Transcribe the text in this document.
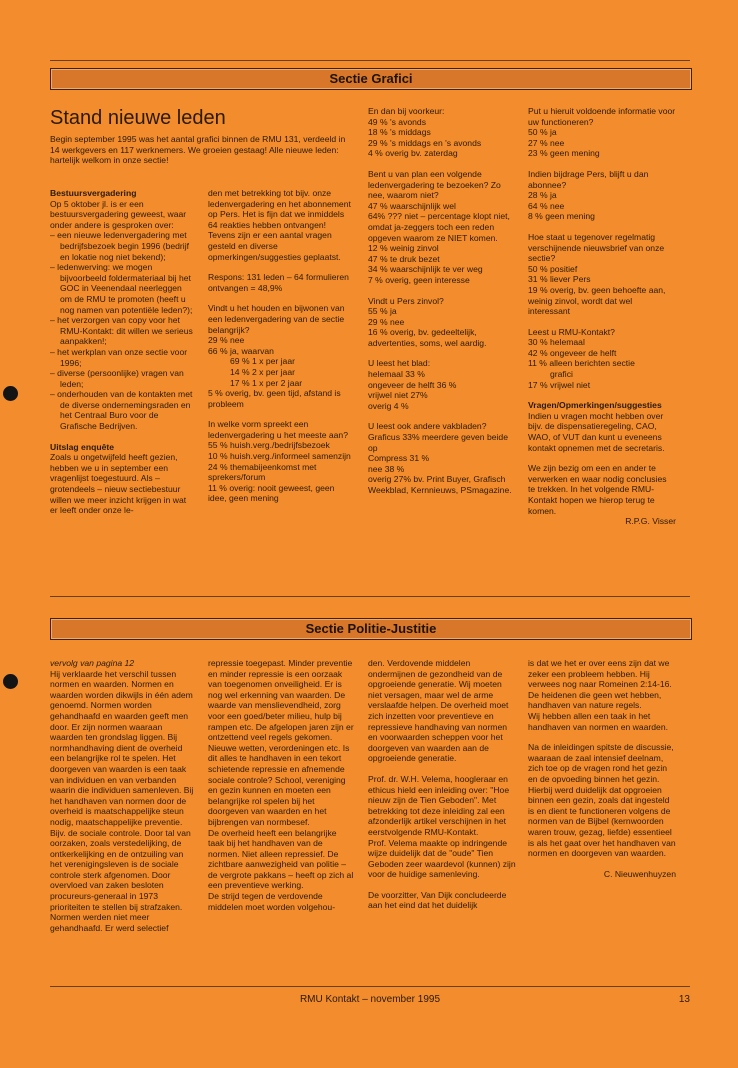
Sectie Grafici
Stand nieuwe leden
Begin september 1995 was het aantal grafici binnen de RMU 131, verdeeld in 14 werkgevers en 117 werknemers. We groeien gestaag! Alle nieuwe leden: hartelijk welkom in onze sectie!
Bestuursvergadering

Op 5 oktober jl. is er een bestuursvergadering geweest, waar onder andere is gesproken over:

– een nieuwe ledenvergadering met bedrijfsbezoek begin 1996 (bedrijf en lokatie nog niet bekend);
– ledenwerving: we mogen bijvoorbeeld foldermateriaal bij het GOC in Veenendaal neerleggen om de RMU te promoten (heeft u nog namen van potentiële leden?);
– het verzorgen van copy voor het RMU-Kontakt: dit willen we serieus aanpakken!;
– het werkplan van onze sectie voor 1996;
– diverse (persoonlijke) vragen van leden;
– onderhouden van de kontakten met de diverse ondernemingsraden en het Centraal Buro voor de Grafische Bedrijven.
Uitslag enquête

Zoals u ongetwijfeld heeft gezien, hebben we u in september een vragenlijst toegestuurd. Als – grotendeels – nieuw sectiebestuur willen we meer inzicht krijgen in wat er leeft onder onze le-

den met betrekking tot bijv. onze ledenvergadering en het abonnement op Pers. Het is fijn dat we inmiddels 64 reakties hebben ontvangen! Tevens zijn er een aantal vragen gesteld en diverse opmerkingen/suggesties geplaatst.

Respons: 131 leden – 64 formulieren ontvangen = 48,9%

Vindt u het houden en bijwonen van een ledenvergadering van de sectie belangrijk?

29 % nee
66 % ja, waarvan
69 % 1 x per jaar
14 % 2 x per jaar
17 % 1 x per 2 jaar

5 % overig, bv. geen tijd, afstand is probleem

In welke vorm spreekt een ledenvergadering u het meeste aan?

55 % huish.verg./bedrijfsbezoek
10 % huish.verg./informeel samenzijn
24 % themabijeenkomst met sprekers/forum
11 % overig: nooit geweest, geen idee, geen mening

En dan bij voorkeur:

49 % 's avonds
18 % 's middags
29 % 's middags en 's avonds
4 % overig bv. zaterdag

Bent u van plan een volgende ledenvergadering te bezoeken? Zo nee, waarom niet?

47 % waarschijnlijk wel
64% ??? niet – percentage klopt niet, omdat ja-zeggers toch een reden opgeven waarom ze NIET komen.
12 % weinig zinvol
47 % te druk bezet
34 % waarschijnlijk te ver weg
7 % overig, geen interesse

Vindt u Pers zinvol?

55 % ja
29 % nee
16 % overig, bv. gedeeltelijk, advertenties, soms, wel aardig.

U leest het blad:

helemaal 33 %
ongeveer de helft 36 %
vrijwel niet 27%
overig 4 %

U leest ook andere vakbladen?

Graficus 33% meerdere geven beide op
Compress 31 %
nee 38 %
overig 27% bv. Print Buyer, Grafisch Weekblad, Kernnieuws, PSmagazine.

Put u hieruit voldoende informatie voor uw functioneren?

50 % ja
27 % nee
23 % geen mening

Indien bijdrage Pers, blijft u dan abonnee?

28 % ja
64 % nee
8 % geen mening

Hoe staat u tegenover regelmatig verschijnende nieuwsbrief van onze sectie?

50 % positief
31 % liever Pers
19 % overig, bv. geen behoefte aan, weinig zinvol, wordt dat wel interessant

Leest u RMU-Kontakt?

30 % helemaal
42 % ongeveer de helft
11 % alleen berichten sectie
grafici
17 % vrijwel niet
Vragen/Opmerkingen/suggesties

Indien u vragen mocht hebben over bijv. de dispensatieregeling, CAO, WAO, of VUT dan kunt u eveneens kontakt opnemen met de secretaris.

We zijn bezig om een en ander te verwerken en waar nodig conclusies te trekken. In het volgende RMU-Kontakt hopen we hierop terug te komen.

R.P.G. Visser
Sectie Politie-Justitie
vervolg van pagina 12

Hij verklaarde het verschil tussen normen en waarden. Normen en waarden worden dikwijls in één adem genoemd. Normen worden gehandhaafd en waarden geeft men door. Er zijn normen waaraan waarden ten grondslag liggen. Bij normhandhaving dient de overheid een belangrijke rol te spelen. Het doorgeven van waarden is een taak van individuen en van verbanden waarin die individuen samenleven. Bij het handhaven van normen door de overheid is maatschappelijke steun nodig, maatschappelijke preventie. Bijv. de sociale controle. Door tal van oorzaken, zoals verstedelijking, de ontkerkelijking en de ontzuiling van het verenigingsleven is de sociale controle sterk afgenomen. Door overvloed van zaken besloten procureurs-generaal in 1973 prioriteiten te stellen bij strafzaken. Normen werden niet meer gehandhaafd. Er werd selectief

repressie toegepast. Minder preventie en minder repressie is een oorzaak van toegenomen onveiligheid. Er is nog wel erkenning van waarden. De waarde van menslievendheid, zorg voor een goed/beter milieu, hulp bij rampen etc. De afgelopen jaren zijn er ontzettend veel regels gekomen. Nieuwe wetten, verordeningen etc. Is dit alles te handhaven in een tekort schietende repressie en afnemende sociale controle? School, vereniging en gezin kunnen en moeten een belangrijke rol spelen bij het doorgeven van waarden en het bijbrengen van normbesef.

De overheid heeft een belangrijke taak bij het handhaven van de normen. Niet alleen repressief. De zichtbare aanwezigheid van politie – de vergrote pakkans – heeft op zich al een preventieve werking.

De strijd tegen de verdovende middelen moet worden volgehou-

den. Verdovende middelen ondermijnen de gezondheid van de opgroeiende generatie. Wij moeten niet versagen, maar wel de arme verslaafde helpen. De overheid moet zich inzetten voor preventieve en repressieve handhaving van normen en voorwaarden scheppen voor het doorgeven van waarden aan de opgroeiende generatie.

Prof. dr. W.H. Velema, hoogleraar en ethicus hield een inleiding over: "Hoe nieuw zijn de Tien Geboden". Met betrekking tot deze inleiding zal een afzonderlijk artikel verschijnen in het eerstvolgende RMU-Kontakt.

Prof. Velema maakte op indringende wijze duidelijk dat de "oude" Tien Geboden zeer waardevol (kunnen) zijn voor de huidige samenleving.

De voorzitter, Van Dijk concludeerde aan het eind dat het duidelijk

is dat we het er over eens zijn dat we zeker een probleem hebben. Hij verwees nog naar Romeinen 2:14-16. De heidenen die geen wet hebben, handhaven van nature regels.

Wij hebben allen een taak in het handhaven van normen en waarden.

Na de inleidingen spitste de discussie, waaraan de zaal intensief deelnam, zich toe op de vragen rond het gezin en de opvoeding binnen het gezin. Hierbij werd duidelijk dat opgroeien binnen een gezin, zoals dat ingesteld is en dient te functioneren volgens de normen van de Bijbel (kernwoorden waren trouw, gezag, liefde) essentieel is als het gaat over het handhaven van normen en doorgeven van waarden.

C. Nieuwenhuyzen
RMU Kontakt – november 1995	13
